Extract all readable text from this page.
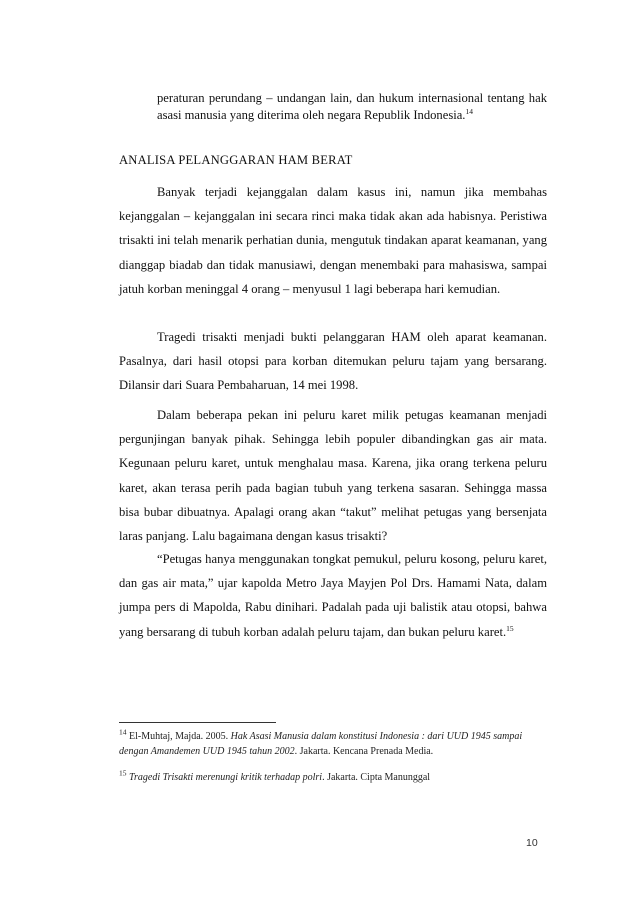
peraturan perundang – undangan lain, dan hukum internasional tentang hak asasi manusia yang diterima oleh negara Republik Indonesia.$^{14}$

ANALISA PELANGGARAN HAM BERAT

Banyak terjadi kejanggalan dalam kasus ini, namun jika membahas kejanggalan – kejanggalan ini secara rinci maka tidak akan ada habisnya. Peristiwa trisakti ini telah menarik perhatian dunia, mengutuk tindakan aparat keamanan, yang dianggap biadab dan tidak manusiawi, dengan menembaki para mahasiswa, sampai jatuh korban meninggal 4 orang – menyusul 1 lagi beberapa hari kemudian.

Tragedi trisakti menjadi bukti pelanggaran HAM oleh aparat keamanan. Pasalnya, dari hasil otopsi para korban ditemukan peluru tajam yang bersarang. Dilansir dari Suara Pembaharuan, 14 mei 1998.

Dalam beberapa pekan ini peluru karet milik petugas keamanan menjadi pergunjingan banyak pihak. Sehingga lebih populer dibandingkan gas air mata. Kegunaan peluru karet, untuk menghalau masa. Karena, jika orang terkena peluru karet, akan terasa perih pada bagian tubuh yang terkena sasaran. Sehingga massa bisa bubar dibuatnya. Apalagi orang akan “takut” melihat petugas yang bersenjata laras panjang. Lalu bagaimana dengan kasus trisakti?

“Petugas hanya menggunakan tongkat pemukul, peluru kosong, peluru karet, dan gas air mata,” ujar kapolda Metro Jaya Mayjen Pol Drs. Hamami Nata, dalam jumpa pers di Mapolda, Rabu dinihari. Padalah pada uji balistik atau otopsi, bahwa yang bersarang di tubuh korban adalah peluru tajam, dan bukan peluru karet.$^{15}$

$^{14}$ El-Muhtaj, Majda. 2005. Hak Asasi Manusia dalam konstitusi Indonesia : dari UUD 1945 sampai dengan Amandemen UUD 1945 tahun 2002. Jakarta. Kencana Prenada Media.

$^{15}$ Tragedi Trisakti merenungi kritik terhadap polri. Jakarta. Cipta Manunggal

10
